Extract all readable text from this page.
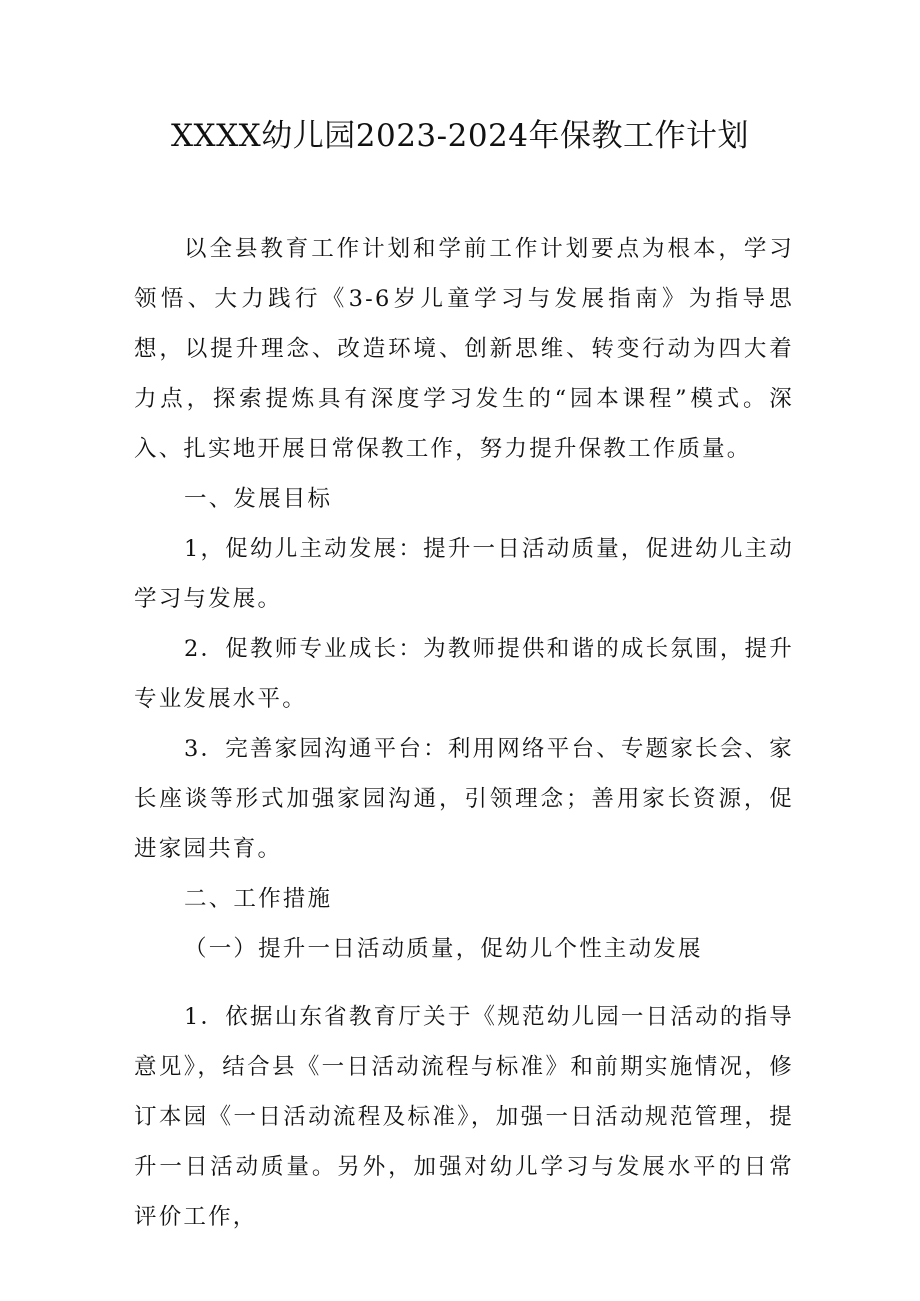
XXXX幼儿园2023-2024年保教工作计划

以全县教育工作计划和学前工作计划要点为根本，学习领悟、大力践行《3-6岁儿童学习与发展指南》为指导思想，以提升理念、改造环境、创新思维、转变行动为四大着力点，探索提炼具有深度学习发生的“园本课程”模式。深入、扎实地开展日常保教工作，努力提升保教工作质量。

一、发展目标

1，促幼儿主动发展：提升一日活动质量，促进幼儿主动学习与发展。

2．促教师专业成长：为教师提供和谐的成长氛围，提升专业发展水平。

3．完善家园沟通平台：利用网络平台、专题家长会、家长座谈等形式加强家园沟通，引领理念；善用家长资源，促进家园共育。

二、工作措施

（一）提升一日活动质量，促幼儿个性主动发展

1．依据山东省教育厅关于《规范幼儿园一日活动的指导意见》，结合县《一日活动流程与标准》和前期实施情况，修订本园《一日活动流程及标准》，加强一日活动规范管理，提升一日活动质量。另外，加强对幼儿学习与发展水平的日常评价工作，
